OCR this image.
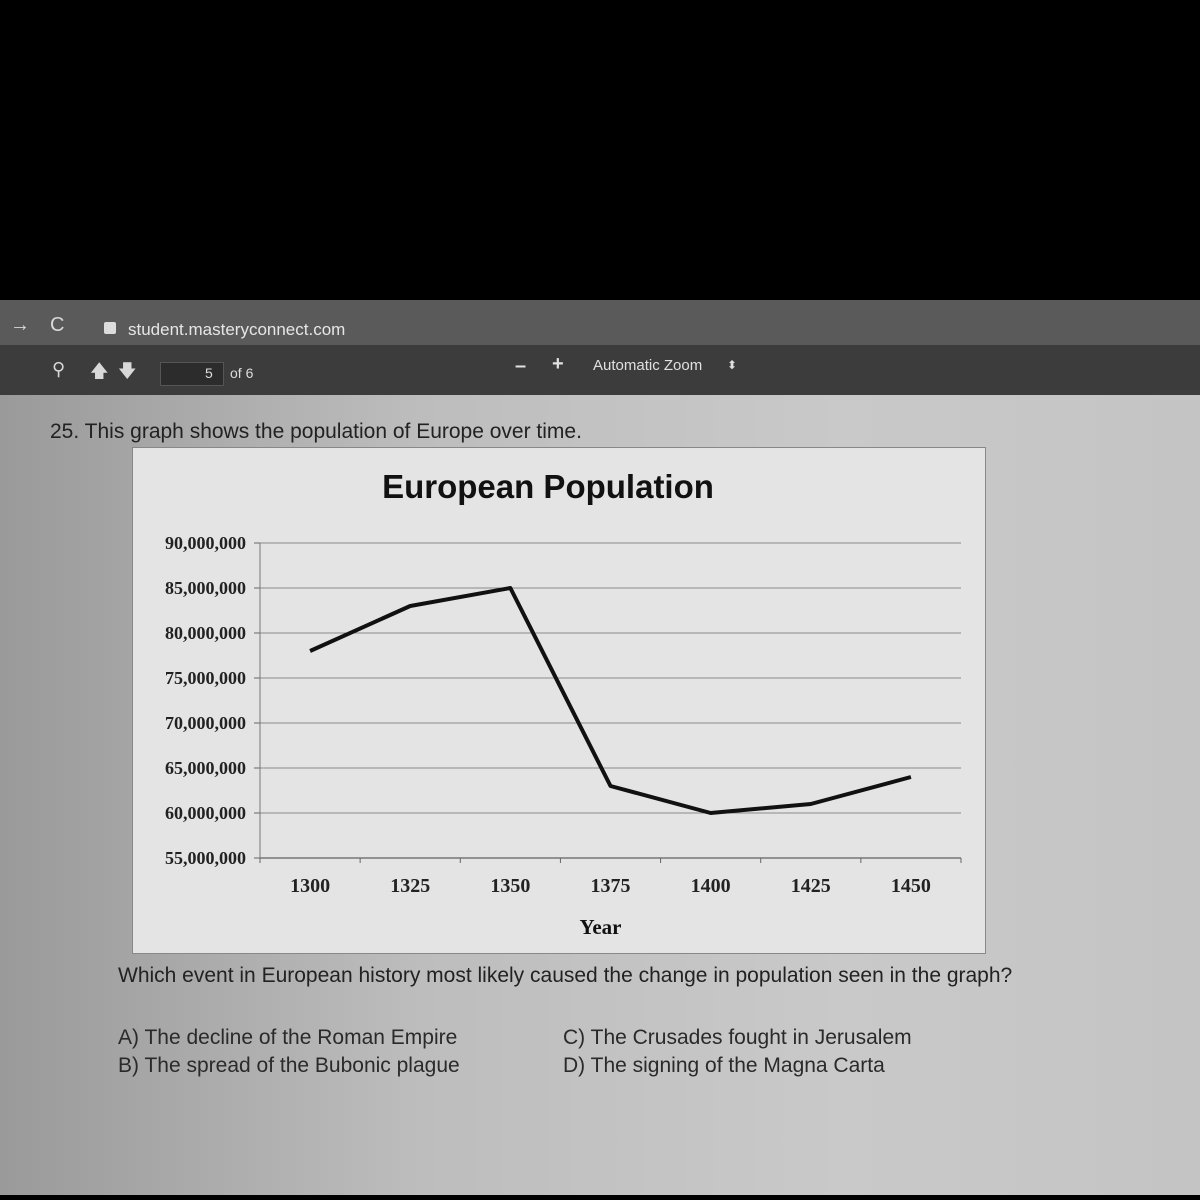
→ C	student.masteryconnect.com
⚲ 🡅 🡇	5 of 6	– + Automatic Zoom ⬍
25. This graph shows the population of Europe over time.
European Population
90,000,000
85,000,000
80,000,000
75,000,000
70,000,000
65,000,000
60,000,000
55,000,000
1300	1325	1350	1375	1400	1425	1450
Year
Which event in European history most likely caused the change in population seen in the graph?
A) The decline of the Roman Empire
B) The spread of the Bubonic plague
C) The Crusades fought in Jerusalem
D) The signing of the Magna Carta
